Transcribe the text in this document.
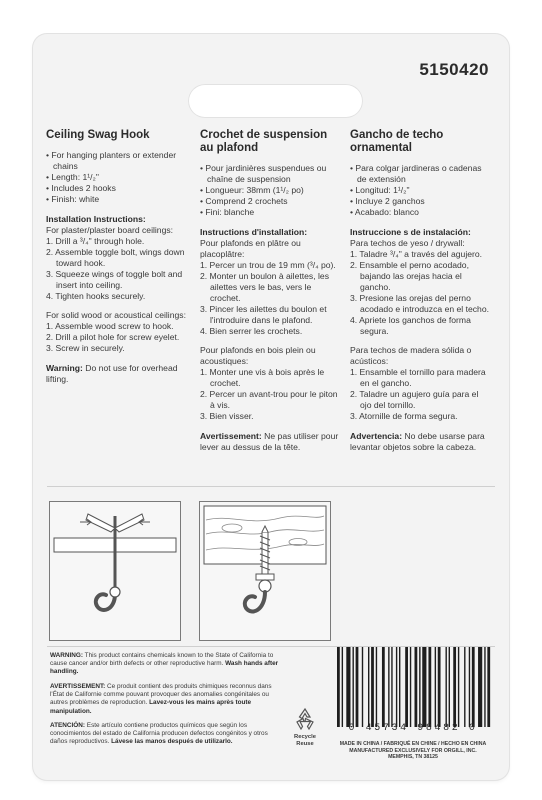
5150420
Ceiling Swag Hook
• For hanging planters or extender chains
• Length: 1¹/₂"
• Includes 2 hooks
• Finish: white
Installation Instructions:

For plaster/plaster board ceilings:

1. Drill a ³/₄" through hole.
2. Assemble toggle bolt, wings down toward hook.
3. Squeeze wings of toggle bolt and insert into ceiling.
4. Tighten hooks securely.

For solid wood or acoustical ceilings:

1. Assemble wood screw to hook.
2. Drill a pilot hole for screw eyelet.
3. Screw in securely.

Warning: Do not use for overhead lifting.

Crochet de suspension au plafond
• Pour jardinières suspendues ou chaîne de suspension
• Longueur: 38mm (1¹/₂ po)
• Comprend 2 crochets
• Fini: blanche
Instructions d'installation:

Pour plafonds en plâtre ou placoplâtre:

1. Percer un trou de 19 mm (³/₄ po).
2. Monter un boulon à ailettes, les ailettes vers le bas, vers le crochet.
3. Pincer les ailettes du boulon et l'introduire dans le plafond.
4. Bien serrer les crochets.

Pour plafonds en bois plein ou acoustiques:

1. Monter une vis à bois après le crochet.
2. Percer un avant-trou pour le piton à vis.
3. Bien visser.

Avertissement: Ne pas utiliser pour lever au dessus de la tête.

Gancho de techo ornamental
• Para colgar jardineras o cadenas de extensión
• Longitud: 1¹/₂"
• Incluye 2 ganchos
• Acabado: blanco
Instruccione s de instalación:

Para techos de yeso / drywall:

1. Taladre ³/₄" a través del agujero.
2. Ensamble el perno acodado, bajando las orejas hacia el gancho.
3. Presione las orejas del perno acodado e introduzca en el techo.
4. Apriete los ganchos de forma segura.

Para techos de madera sólida o acústicos:

1. Ensamble el tornillo para madera en el gancho.
2. Taladre un agujero guía para el ojo del tornillo.
3. Atornille de forma segura.

Advertencia: No debe usarse para levantar objetos sobre la cabeza.

WARNING: This product contains chemicals known to the State of California to cause cancer and/or birth defects or other reproductive harm. Wash hands after handling.
AVERTISSEMENT: Ce produit contient des produits chimiques reconnus dans l'État de Californie comme pouvant provoquer des anomalies congénitales ou autres problèmes de reproduction. Lavez-vous les mains après toute manipulation.
ATENCIÓN: Este artículo contiene productos químicos que según los conocimientos del estado de California producen defectos congénitos y otros daños reproductivos. Lávese las manos después de utilizarlo.
Recycle
Reuse
0 45734 98482 0
MADE IN CHINA / FABRIQUÉ EN CHINE / HECHO EN CHINA
MANUFACTURED EXCLUSIVELY FOR ORGILL, INC.
MEMPHIS, TN 38125
